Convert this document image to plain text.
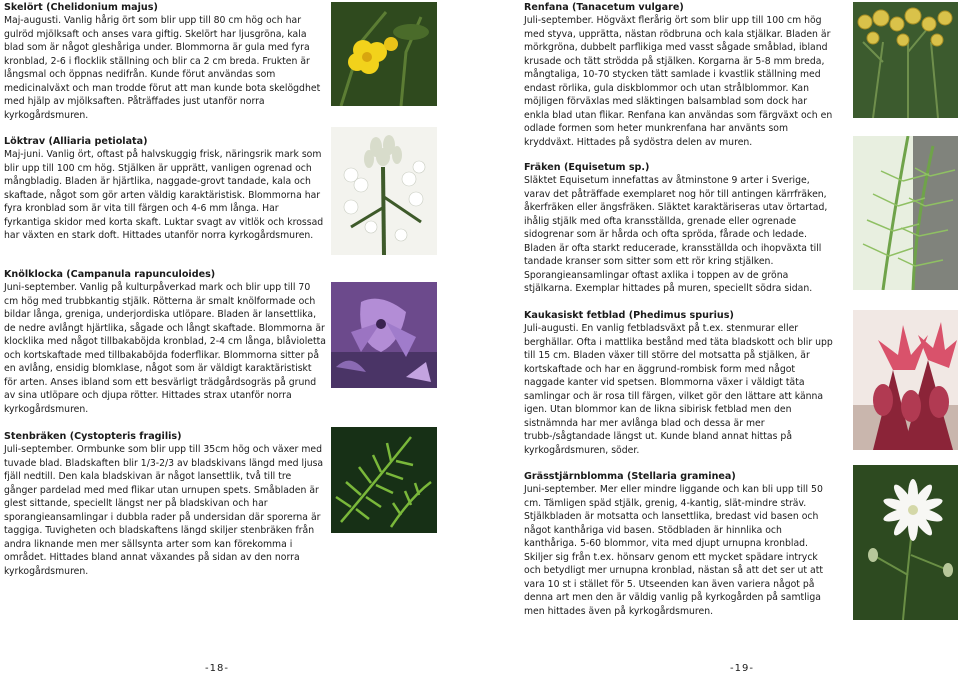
Skelört (Chelidonium majus)

Maj-augusti. Vanlig hårig ört som blir upp till 80 cm hög och har gulröd mjölksaft och anses vara giftig. Skelört har ljusgröna, kala blad som är något gleshåriga under. Blommorna är gula med fyra kronblad, 2-6 i flocklik ställning och blir ca 2 cm breda. Frukten är långsmal och öppnas nedifrån. Kunde förut användas som medicinalväxt och man trodde förut att man kunde bota skelögdhet med hjälp av mjölksaften. Påträffades just utanför norra kyrkogårdsmuren.

Löktrav (Alliaria petiolata)

Maj-juni. Vanlig ört, oftast på halvskuggig frisk, näringsrik mark som blir upp till 100 cm hög. Stjälken är upprätt, vanligen ogrenad och mångbladig. Bladen är hjärtlika, naggade-grovt tandade, kala och skaftade, något som gör arten väldig karaktäristisk. Blommorna har fyra kronblad som är vita till färgen och 4-6 mm långa. Har fyrkantiga skidor med korta skaft. Luktar svagt av vitlök och krossad har växten en stark doft. Hittades utanför norra kyrkogårdsmuren.

Knölklocka (Campanula rapunculoides)

Juni-september. Vanlig på kulturpåverkad mark och blir upp till 70 cm hög med trubbkantig stjälk. Rötterna är smalt knölformade och bildar långa, greniga, underjordiska utlöpare. Bladen är lansettlika, de nedre avlångt hjärtlika, sågade och långt skaftade. Blommorna är klocklika med något tillbakaböjda kronblad, 2-4 cm långa, blåvioletta och kortskaftade med tillbakaböjda foderflikar. Blommorna sitter på en avlång, ensidig blomklase, något som är väldigt karaktäristiskt för arten. Anses ibland som ett besvärligt trädgårdsogräs på grund av sina utlöpare och djupa rötter. Hittades strax utanför norra kyrkogårdsmuren.

Stenbräken (Cystopteris fragilis)

Juli-september. Ormbunke som blir upp till 35cm hög och växer med tuvade blad. Bladskaften blir 1/3-2/3 av bladskivans längd med ljusa fjäll nedtill. Den kala bladskivan är något lansettlik, två till tre gånger pardelad med med flikar utan urnupen spets. Småbladen är glest sittande, speciellt längst ner på bladskivan och har sporangieansamlingar i dubbla rader på undersidan där sporerna är taggiga. Tuvigheten och bladskaftens längd skiljer stenbräken från andra liknande men mer sällsynta arter som kan förekomma i området. Hittades bland annat växandes på sidan av den norra kyrkogårdsmuren.

-18-
Renfana (Tanacetum vulgare)

Juli-september. Högväxt flerårig ört som blir upp till 100 cm hög med styva, upprätta, nästan rödbruna och kala stjälkar. Bladen är mörkgröna, dubbelt parflikiga med vasst sågade småblad, ibland krusade och tätt strödda på stjälken. Korgarna är 5-8 mm breda, mångtaliga, 10-70 stycken tätt samlade i kvastlik ställning med endast rörlika, gula diskblommor och utan strålblommor. Kan möjligen förväxlas med släktingen balsamblad som dock har enkla blad utan flikar. Renfana kan användas som färgväxt och en odlade formen som heter munkrenfana har använts som kryddväxt. Hittades på sydöstra delen av muren.

Fräken (Equisetum sp.)

Släktet Equisetum innefattas av åtminstone 9 arter i Sverige, varav det påträffade exemplaret nog hör till antingen kärrfräken, åkerfräken eller ängsfräken. Släktet karaktäriseras utav örtartad, ihålig stjälk med ofta kransställda, grenade eller ogrenade sidogrenar som är hårda och ofta spröda, fårade och ledade. Bladen är ofta starkt reducerade, kransställda och ihopväxta till tandade kranser som sitter som ett rör kring stjälken. Sporangieansamlingar oftast axlika i toppen av de gröna stjälkarna. Exemplar hittades på muren, speciellt södra sidan.

Kaukasiskt fetblad (Phedimus spurius)

Juli-augusti. En vanlig fetbladsväxt på t.ex. stenmurar eller berghällar. Ofta i mattlika bestånd med täta bladskott och blir upp till 15 cm. Bladen växer till större del motsatta på stjälken, är kortskaftade och har en äggrund-rombisk form med något naggade kanter vid spetsen. Blommorna växer i väldigt täta samlingar och är rosa till färgen, vilket gör den lättare att känna igen. Utan blommor kan de likna sibirisk fetblad men den sistnämnda har mer avlånga blad och dessa är mer trubb-/sågtandade längst ut. Kunde bland annat hittas på kyrkogårdsmuren, söder.

Grässtjärnblomma (Stellaria graminea)

Juni-september. Mer eller mindre liggande och kan bli upp till 50 cm. Tämligen späd stjälk, grenig, 4-kantig, slät-mindre sträv. Stjälkbladen är motsatta och lansettlika, bredast vid basen och något kanthåriga vid basen. Stödbladen är hinnlika och kanthåriga. 5-60 blommor, vita med djupt urnupna kronblad. Skiljer sig från t.ex. hönsarv genom ett mycket spädare intryck och betydligt mer urnupna kronblad, nästan så att det ser ut att vara 10 st i stället för 5. Utseenden kan även variera något på denna art men den är väldig vanlig på kyrkogården på samtliga men hittades även på kyrkogårdsmuren.

-19-
